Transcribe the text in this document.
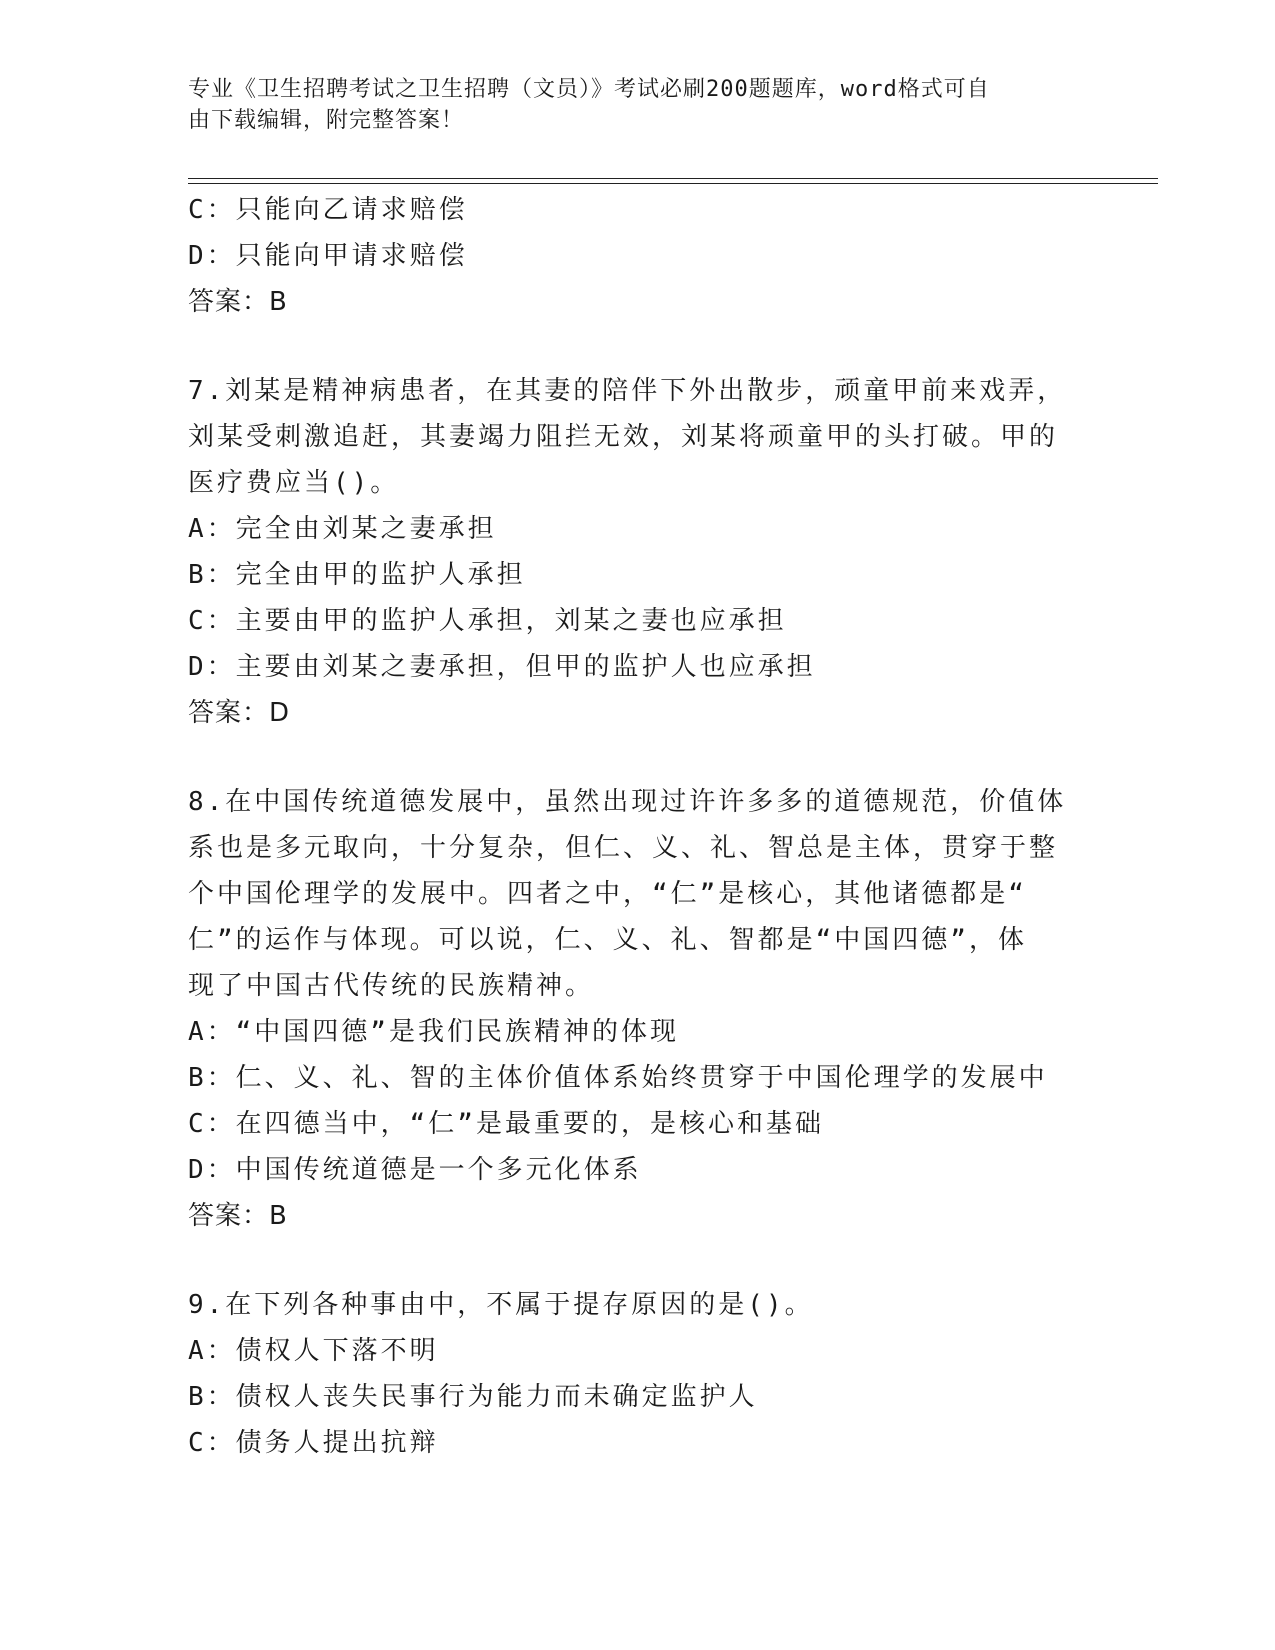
专业《卫生招聘考试之卫生招聘（文员）》考试必刷200题题库，word格式可自
由下载编辑，附完整答案！
C：只能向乙请求赔偿
D：只能向甲请求赔偿
答案：B
7.刘某是精神病患者，在其妻的陪伴下外出散步，顽童甲前来戏弄，
刘某受刺激追赶，其妻竭力阻拦无效，刘某将顽童甲的头打破。甲的
医疗费应当()。
A：完全由刘某之妻承担
B：完全由甲的监护人承担
C：主要由甲的监护人承担，刘某之妻也应承担
D：主要由刘某之妻承担，但甲的监护人也应承担
答案：D
8.在中国传统道德发展中，虽然出现过许许多多的道德规范，价值体
系也是多元取向，十分复杂，但仁、义、礼、智总是主体，贯穿于整
个中国伦理学的发展中。四者之中，“仁”是核心，其他诸德都是“
仁”的运作与体现。可以说，仁、义、礼、智都是“中国四德”，体
现了中国古代传统的民族精神。
A：“中国四德”是我们民族精神的体现
B：仁、义、礼、智的主体价值体系始终贯穿于中国伦理学的发展中
C：在四德当中，“仁”是最重要的，是核心和基础
D：中国传统道德是一个多元化体系
答案：B
9.在下列各种事由中，不属于提存原因的是()。
A：债权人下落不明
B：债权人丧失民事行为能力而未确定监护人
C：债务人提出抗辩
